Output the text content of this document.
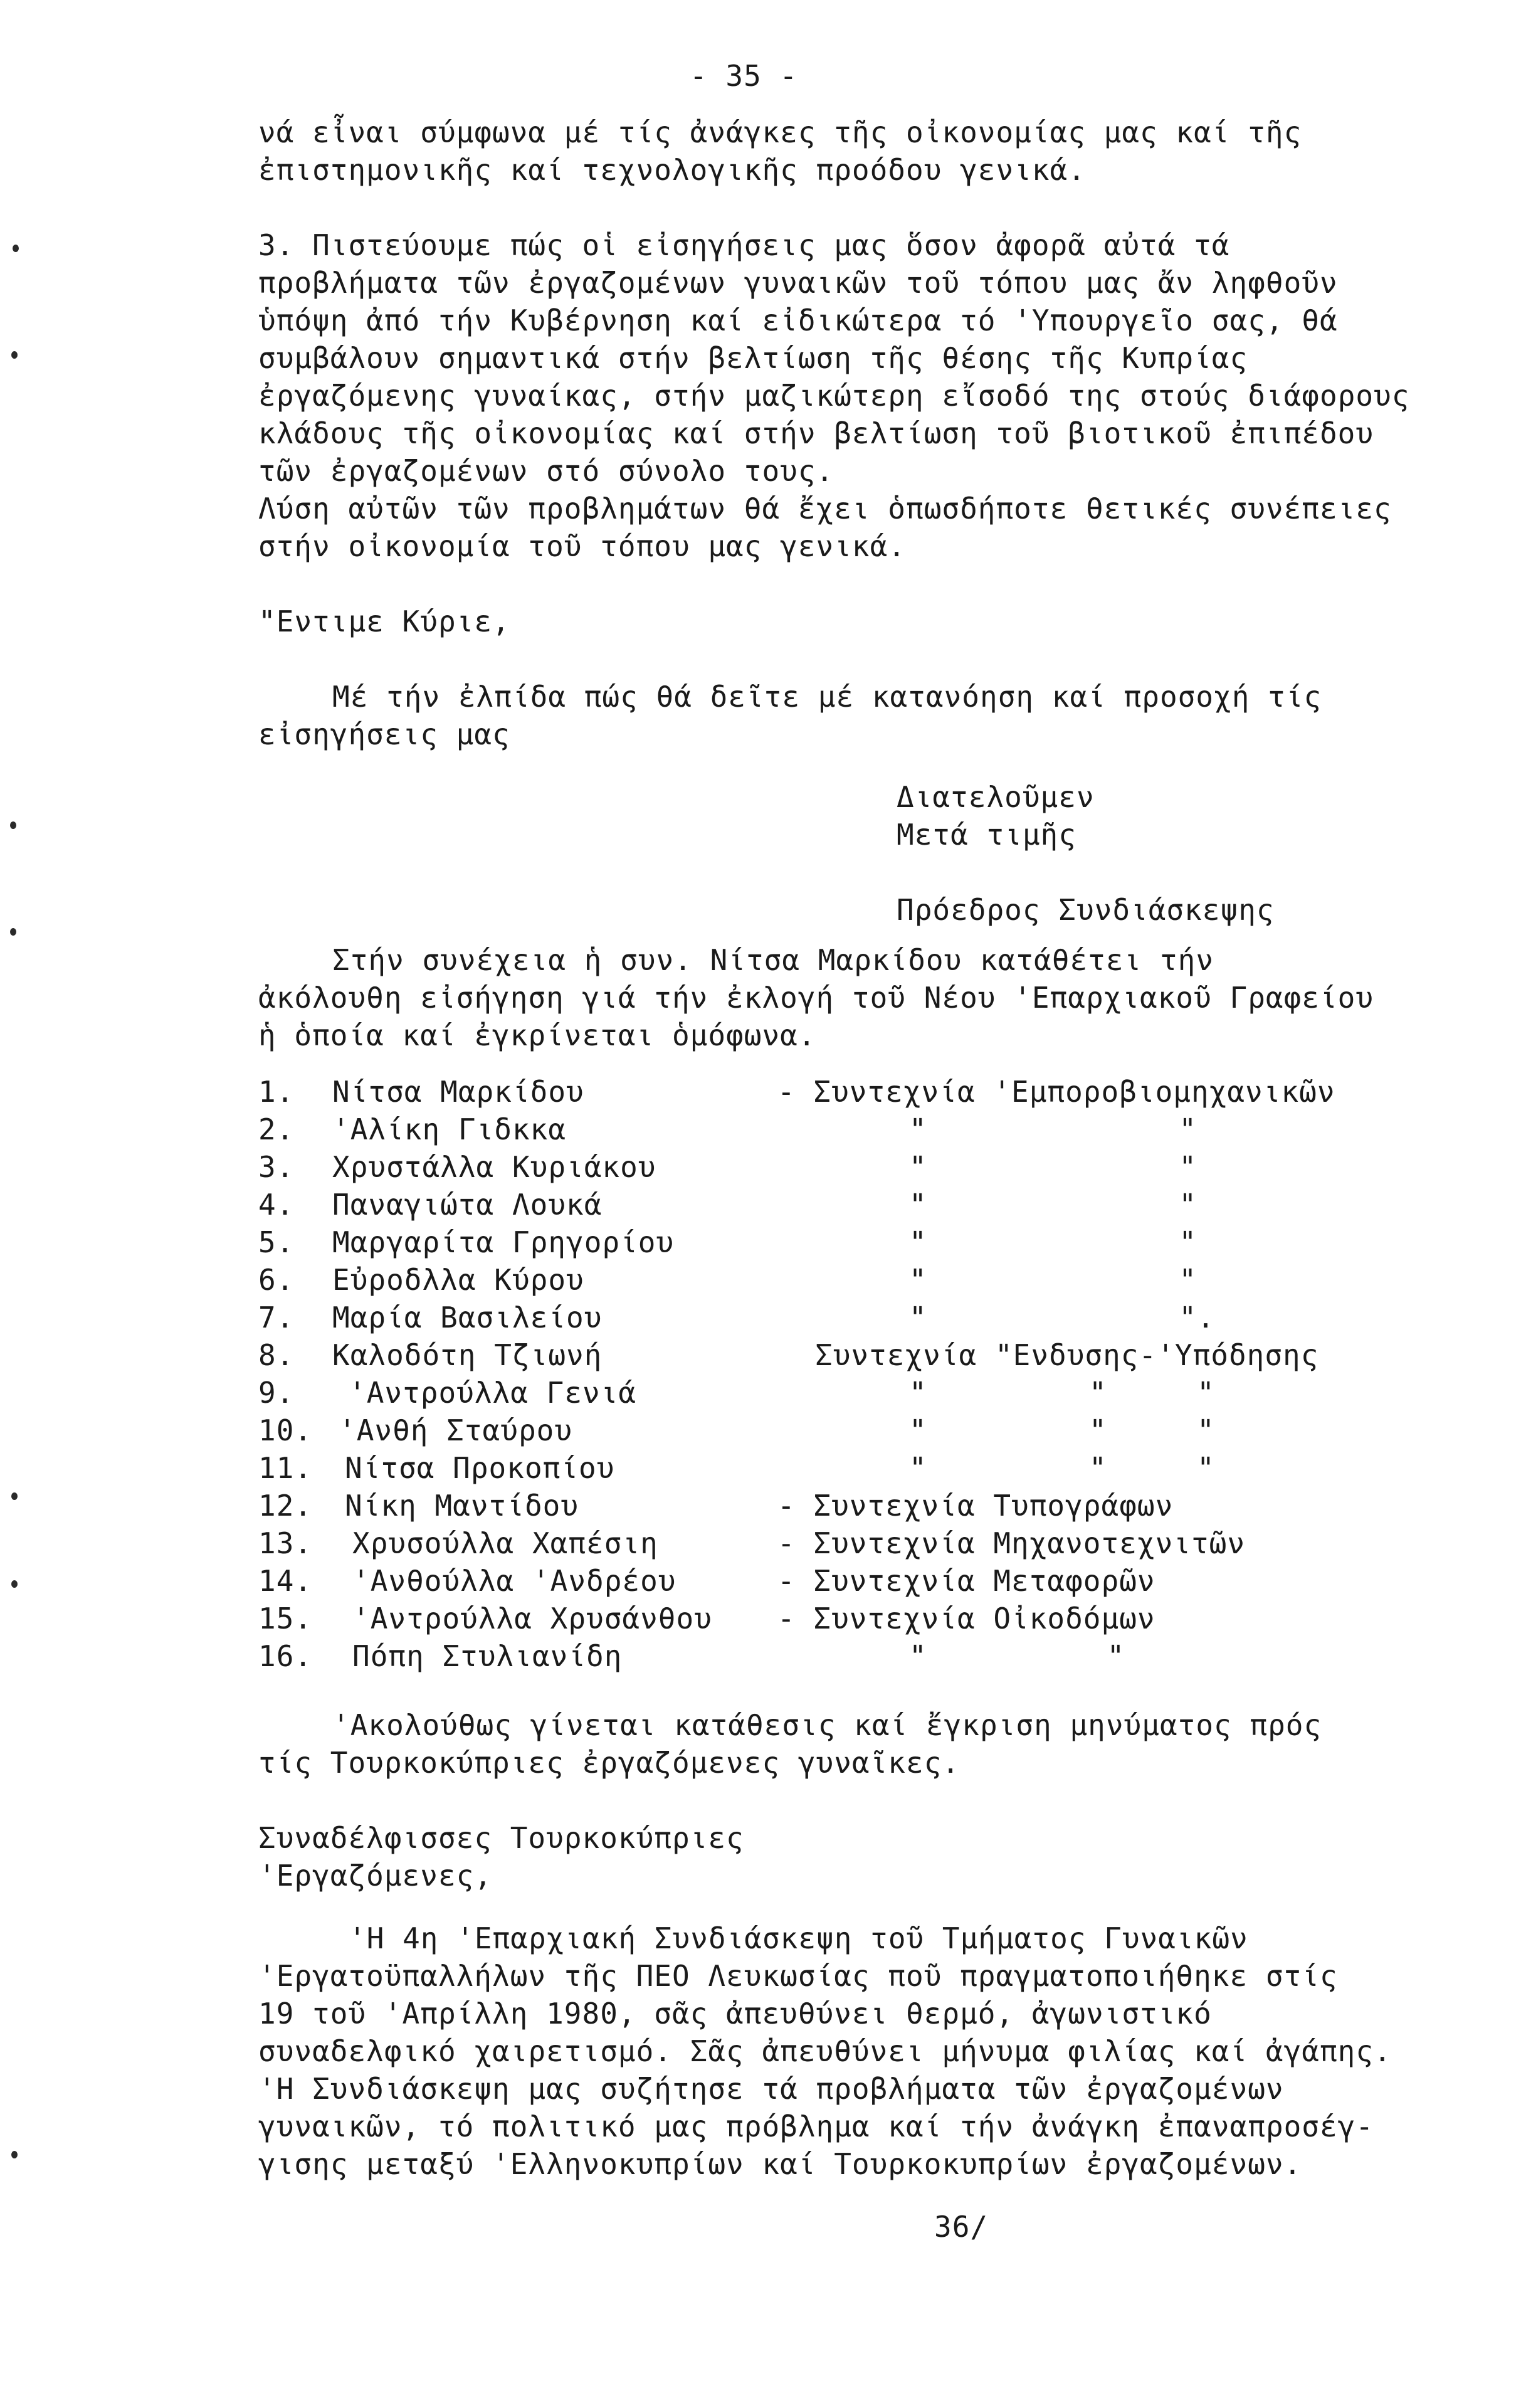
- 35 -
νά εἶναι σύμφωνα μέ τίς ἀνάγκες τῆς οἰκονομίας μας καί τῆς
ἐπιστημονικῆς καί τεχνολογικῆς προόδου γενικά.
3. Πιστεύουμε πώς οἱ εἰσηγήσεις μας ὅσον ἀφορᾶ αὐτά τά
προβλήματα τῶν ἐργαζομένων γυναικῶν τοῦ τόπου μας ἄν ληφθοῦν
ὑπόψη ἀπό τήν Κυβέρνηση καί εἰδικώτερα τό 'Υπουργεῖο σας, θά
συμβάλουν σημαντικά στήν βελτίωση τῆς θέσης τῆς Κυπρίας
ἐργαζόμενης γυναίκας, στήν μαζικώτερη εἴσοδό της στούς διάφορους
κλάδους τῆς οἰκονομίας καί στήν βελτίωση τοῦ βιοτικοῦ ἐπιπέδου
τῶν ἐργαζομένων στό σύνολο τους.
Λύση αὐτῶν τῶν προβλημάτων θά ἔχει ὁπωσδήποτε θετικές συνέπειες
στήν οἰκονομία τοῦ τόπου μας γενικά.
"Εντιμε Κύριε,
Μέ τήν ἐλπίδα πώς θά δεῖτε μέ κατανόηση καί προσοχή τίς
εἰσηγήσεις μας
Διατελοῦμεν
Μετά τιμῆς
Πρόεδρος Συνδιάσκεψης
Στήν συνέχεια ἡ συν. Νίτσα Μαρκίδου κατάθέτει τήν
ἀκόλουθη εἰσήγηση γιά τήν ἐκλογή τοῦ Νέου 'Επαρχιακοῦ Γραφείου
ἡ ὁποία καί ἐγκρίνεται ὁμόφωνα.
1. Νίτσα Μαρκίδου	- Συντεχνία 'Εμποροβιομηχανικῶν
2. 'Αλίκη Γιδκκα	"              "
3. Χρυστάλλα Κυριάκου	"              "
4. Παναγιώτα Λουκά	"              "
5. Μαργαρίτα Γρηγορίου	"              "
6. Εὐροδλλα Κύρου	"              "
7. Μαρία Βασιλείου	"              ".
8. Καλοδότη Τζιωνή	Συντεχνία "Ενδυσης-'Υπόδησης
9. 'Αντρούλλα Γενιά	"         "     "
10. 'Ανθή Σταύρου	"         "     "
11. Νίτσα Προκοπίου	"         "     "
12. Νίκη Μαντίδου	- Συντεχνία Τυπογράφων
13. Χρυσούλλα Χαπέσιη	- Συντεχνία Μηχανοτεχνιτῶν
14. 'Ανθούλλα 'Ανδρέου	- Συντεχνία Μεταφορῶν
15. 'Αντρούλλα Χρυσάνθου - Συντεχνία Οἰκοδόμων
16. Πόπη Στυλιανίδη	"          "
'Ακολούθως γίνεται κατάθεσις καί ἔγκριση μηνύματος πρός
τίς Τουρκοκύπριες ἐργαζόμενες γυναῖκες.
Συναδέλφισσες Τουρκοκύπριες
'Εργαζόμενες,
'Η 4η 'Επαρχιακή Συνδιάσκεψη τοῦ Τμήματος Γυναικῶν
'Εργατοϋπαλλήλων τῆς ΠΕΟ Λευκωσίας ποῦ πραγματοποιήθηκε στίς
19 τοῦ 'Απρίλλη 1980, σᾶς ἀπευθύνει θερμό, ἀγωνιστικό
συναδελφικό χαιρετισμό. Σᾶς ἀπευθύνει μήνυμα φιλίας καί ἀγάπης.
'Η Συνδιάσκεψη μας συζήτησε τά προβλήματα τῶν ἐργαζομένων
γυναικῶν, τό πολιτικό μας πρόβλημα καί τήν ἀνάγκη ἐπαναπροσέγ-
γισης μεταξύ 'Ελληνοκυπρίων καί Τουρκοκυπρίων ἐργαζομένων.
36/
